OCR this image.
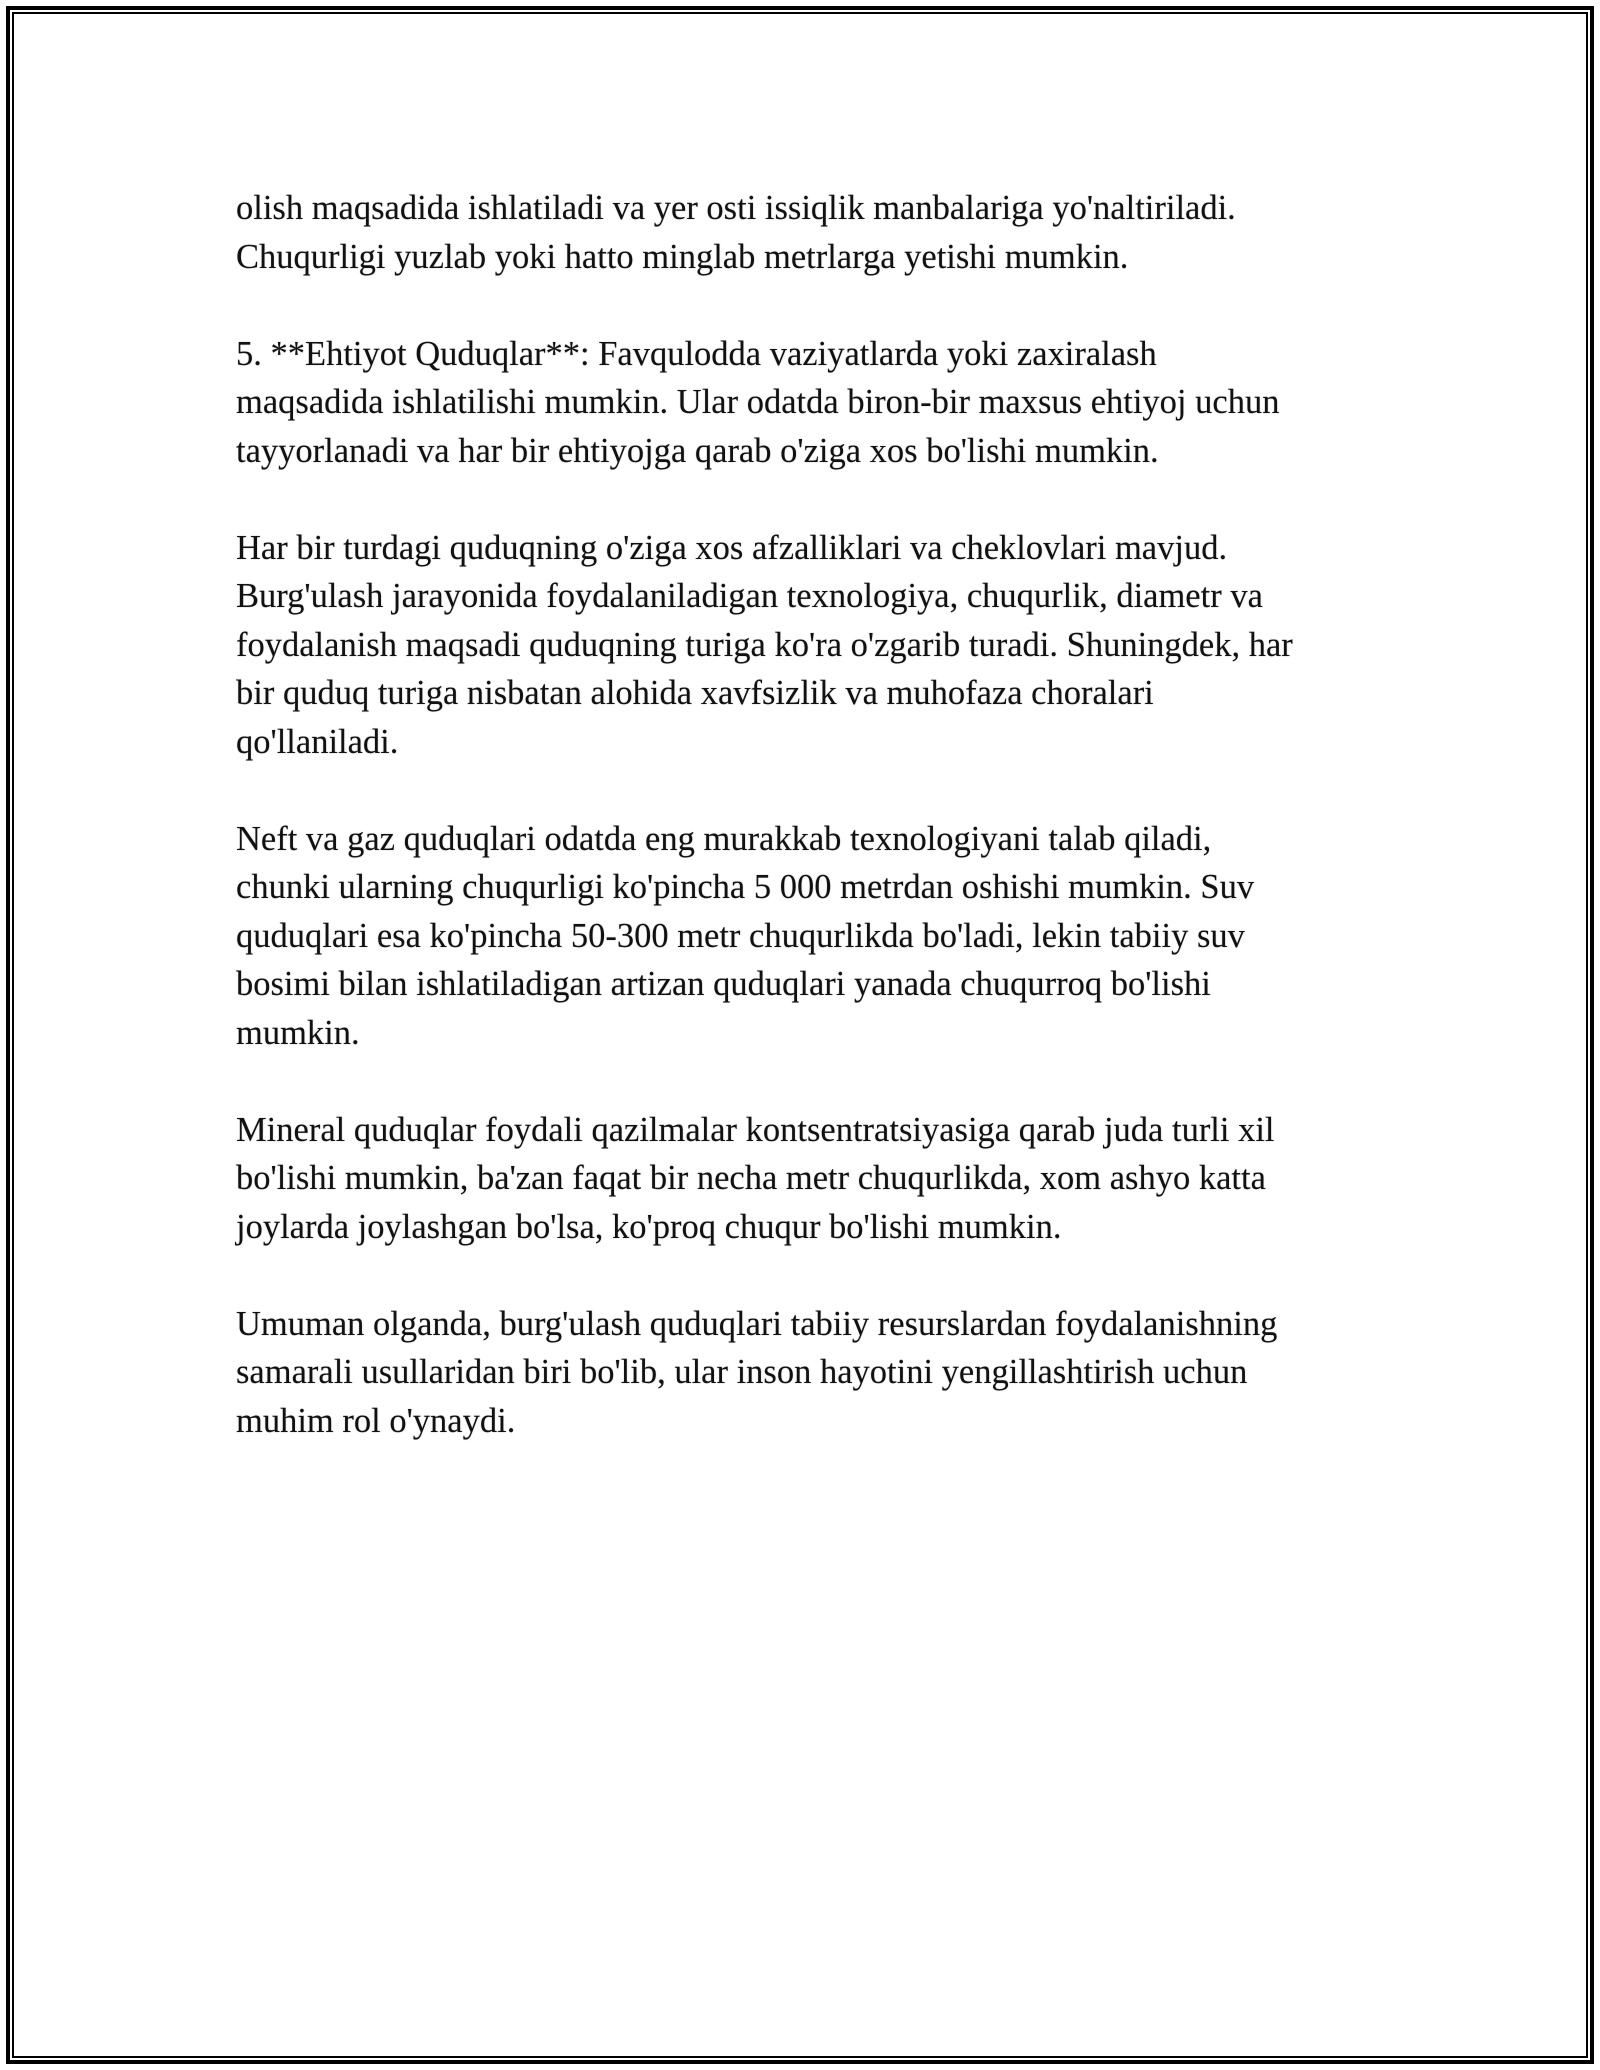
olish maqsadida ishlatiladi va yer osti issiqlik manbalariga yo'naltiriladi.
Chuqurligi yuzlab yoki hatto minglab metrlarga yetishi mumkin.

5. **Ehtiyot Quduqlar**: Favqulodda vaziyatlarda yoki zaxiralash
maqsadida ishlatilishi mumkin. Ular odatda biron-bir maxsus ehtiyoj uchun
tayyorlanadi va har bir ehtiyojga qarab o'ziga xos bo'lishi mumkin.

Har bir turdagi quduqning o'ziga xos afzalliklari va cheklovlari mavjud.
Burg'ulash jarayonida foydalaniladigan texnologiya, chuqurlik, diametr va
foydalanish maqsadi quduqning turiga ko'ra o'zgarib turadi. Shuningdek, har
bir quduq turiga nisbatan alohida xavfsizlik va muhofaza choralari
qo'llaniladi.

Neft va gaz quduqlari odatda eng murakkab texnologiyani talab qiladi,
chunki ularning chuqurligi ko'pincha 5 000 metrdan oshishi mumkin. Suv
quduqlari esa ko'pincha 50-300 metr chuqurlikda bo'ladi, lekin tabiiy suv
bosimi bilan ishlatiladigan artizan quduqlari yanada chuqurroq bo'lishi
mumkin.

Mineral quduqlar foydali qazilmalar kontsentratsiyasiga qarab juda turli xil
bo'lishi mumkin, ba'zan faqat bir necha metr chuqurlikda, xom ashyo katta
joylarda joylashgan bo'lsa, ko'proq chuqur bo'lishi mumkin.

Umuman olganda, burg'ulash quduqlari tabiiy resurslardan foydalanishning
samarali usullaridan biri bo'lib, ular inson hayotini yengillashtirish uchun
muhim rol o'ynaydi.
